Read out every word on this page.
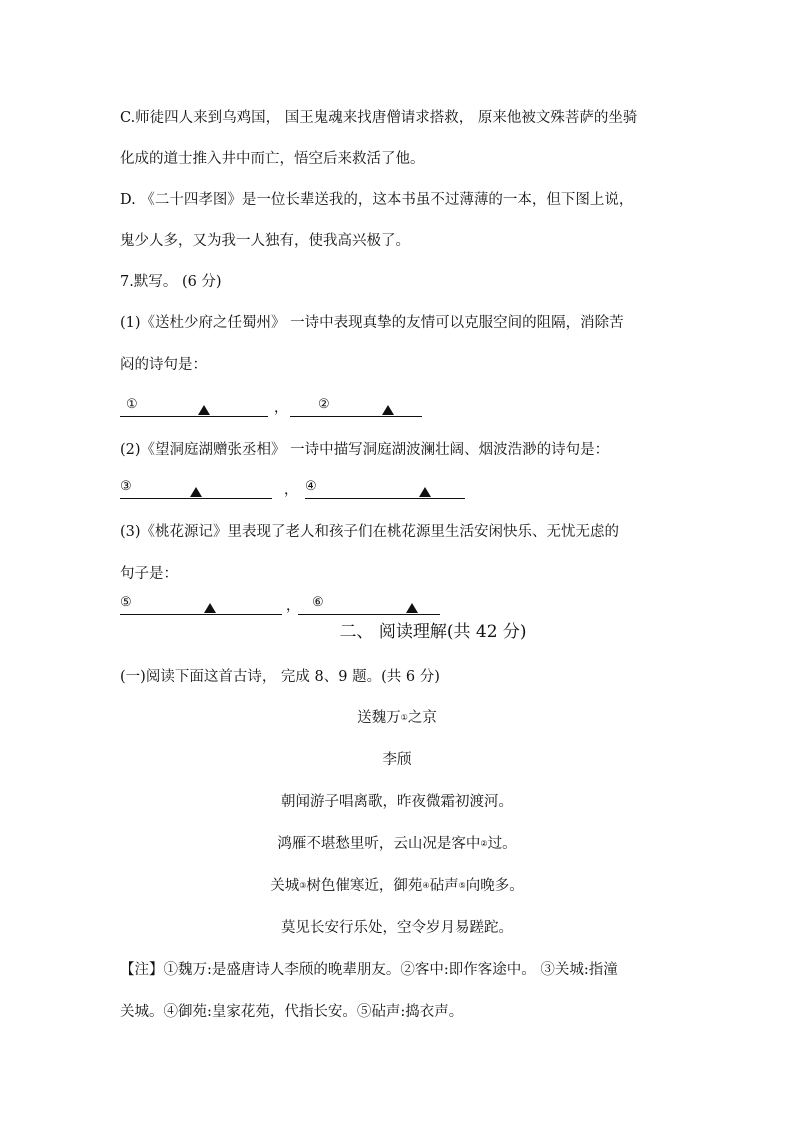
C.师徒四人来到乌鸡国， 国王鬼魂来找唐僧请求搭救， 原来他被文殊菩萨的坐骑
化成的道士推入井中而亡，悟空后来救活了他。
D. 《二十四孝图》是一位长辈送我的，这本书虽不过薄薄的一本，但下图上说，
鬼少人多，又为我一人独有，使我高兴极了。
7.默写。 (6 分)
(1)《送杜少府之任蜀州》 一诗中表现真挚的友情可以克服空间的阻隔，消除苦
闷的诗句是：
①	， ②
(2)《望洞庭湖赠张丞相》 一诗中描写洞庭湖波澜壮阔、烟波浩渺的诗句是：
③	， ④
(3)《桃花源记》里表现了老人和孩子们在桃花源里生活安闲快乐、无忧无虑的
句子是：
⑤	， ⑥
二、 阅读理解(共 42 分)
(一)阅读下面这首古诗， 完成 8、9 题。(共 6 分)
送魏万①之京
李颀
朝闻游子唱离歌，昨夜微霜初渡河。
鸿雁不堪愁里听，云山况是客中②过。
关城③树色催寒近，御苑④砧声⑤向晚多。
莫见长安行乐处，空令岁月易蹉跎。
【注】①魏万:是盛唐诗人李颀的晚辈朋友。②客中:即作客途中。 ③关城:指潼
关城。④御苑:皇家花苑，代指长安。⑤砧声:捣衣声。
